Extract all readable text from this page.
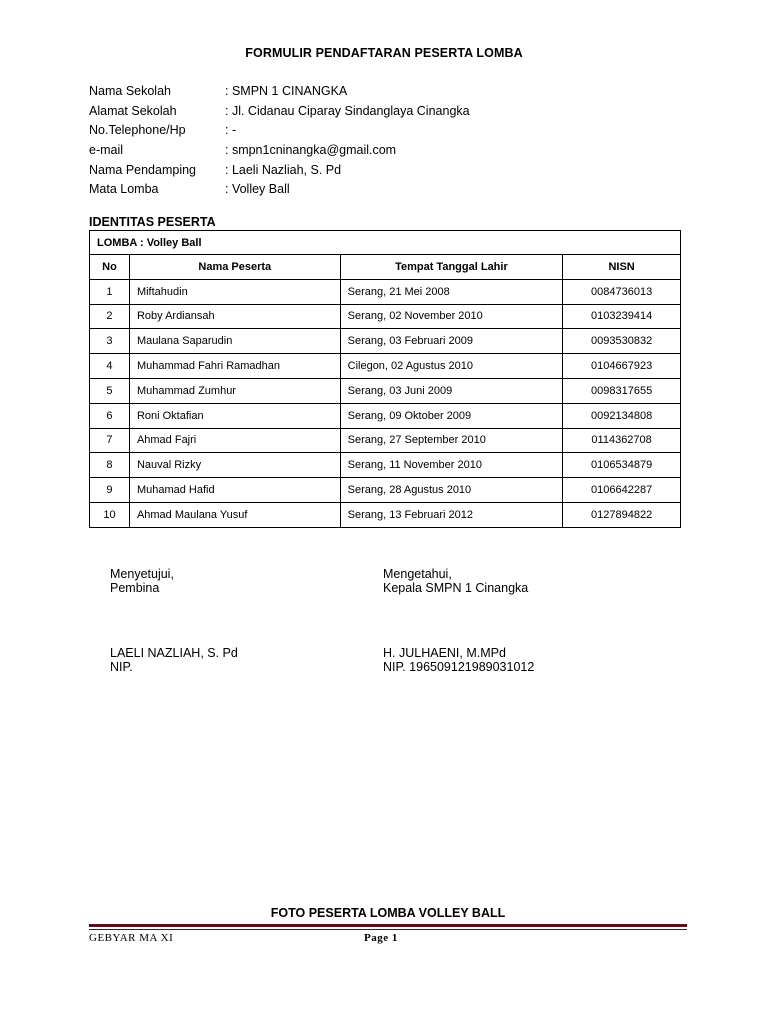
FORMULIR PENDAFTARAN PESERTA LOMBA
Nama Sekolah	: SMPN 1 CINANGKA
Alamat Sekolah	: Jl. Cidanau Ciparay Sindanglaya Cinangka
No.Telephone/Hp	: -
e-mail	: smpn1cninangka@gmail.com
Nama Pendamping : Laeli Nazliah, S. Pd
Mata Lomba	: Volley Ball
IDENTITAS PESERTA
LOMBA : Volley Ball			
No	Nama Peserta	Tempat Tanggal Lahir	NISN
1	Miftahudin	Serang, 21 Mei 2008	0084736013
2	Roby Ardiansah	Serang, 02 November 2010	0103239414
3	Maulana Saparudin	Serang, 03 Februari 2009	0093530832
4	Muhammad Fahri Ramadhan	Cilegon, 02 Agustus 2010	0104667923
5	Muhammad Zumhur	Serang, 03 Juni 2009	0098317655
6	Roni Oktafian	Serang, 09 Oktober 2009	0092134808
7	Ahmad Fajri	Serang, 27 September 2010	0114362708
8	Nauval Rizky	Serang, 11 November 2010	0106534879
9	Muhamad Hafid	Serang, 28 Agustus 2010	0106642287
10	Ahmad Maulana Yusuf	Serang, 13 Februari 2012	0127894822
Menyetujui,
Pembina
Mengetahui,
Kepala SMPN 1 Cinangka
LAELI NAZLIAH, S. Pd
NIP.
H. JULHAENI, M.MPd
NIP. 196509121989031012
FOTO PESERTA LOMBA VOLLEY BALL
GEBYAR MA XI	Page 1
